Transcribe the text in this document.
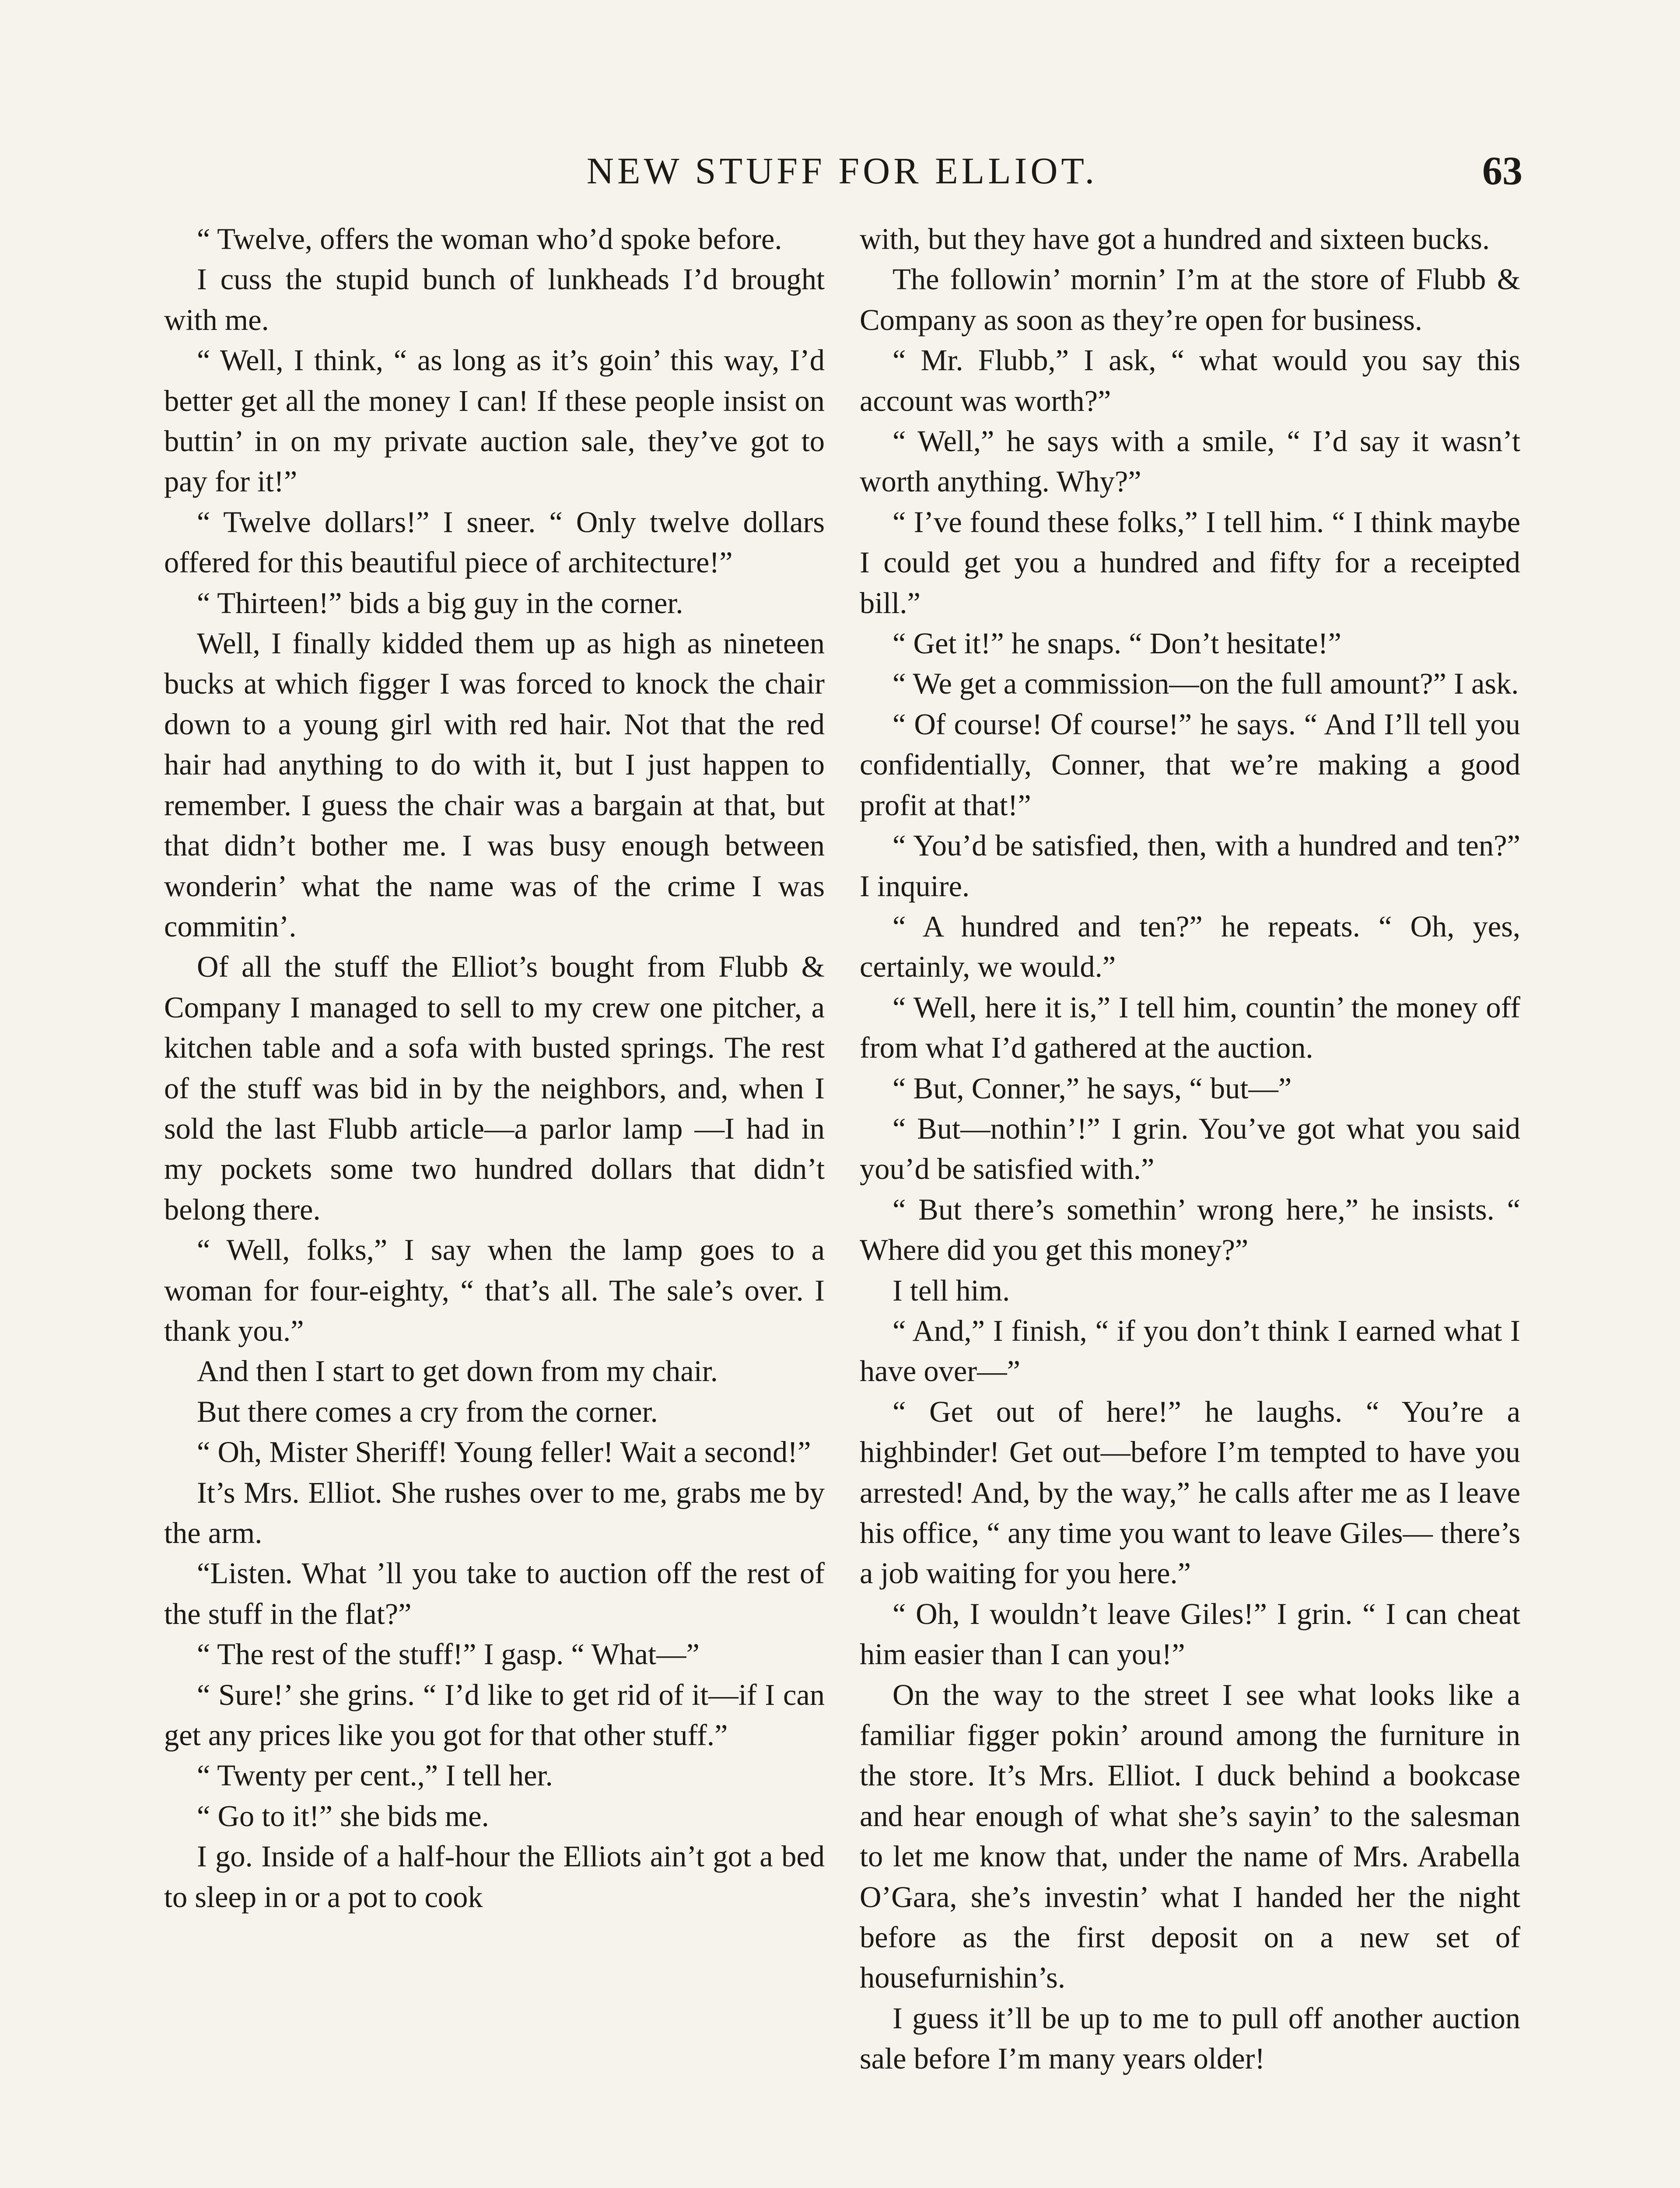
NEW STUFF FOR ELLIOT.	63

“ Twelve, offers the woman who’d spoke before.

I cuss the stupid bunch of lunkheads I’d brought with me.

“ Well, I think, “ as long as it’s goin’ this way, I’d better get all the money I can! If these people insist on buttin’ in on my private auction sale, they’ve got to pay for it!”

“ Twelve dollars!” I sneer. “ Only twelve dollars offered for this beautiful piece of architecture!”

“ Thirteen!” bids a big guy in the corner.

Well, I finally kidded them up as high as nineteen bucks at which figger I was forced to knock the chair down to a young girl with red hair. Not that the red hair had anything to do with it, but I just happen to remember. I guess the chair was a bargain at that, but that didn’t bother me. I was busy enough between wonderin’ what the name was of the crime I was commitin’.

Of all the stuff the Elliot’s bought from Flubb & Company I managed to sell to my crew one pitcher, a kitchen table and a sofa with busted springs. The rest of the stuff was bid in by the neighbors, and, when I sold the last Flubb article—a parlor lamp —I had in my pockets some two hundred dollars that didn’t belong there.

“ Well, folks,” I say when the lamp goes to a woman for four-eighty, “ that’s all. The sale’s over. I thank you.”

And then I start to get down from my chair.

But there comes a cry from the corner.

“ Oh, Mister Sheriff! Young feller! Wait a second!”

It’s Mrs. Elliot. She rushes over to me, grabs me by the arm.

“Listen. What ’ll you take to auction off the rest of the stuff in the flat?”

“ The rest of the stuff!” I gasp. “ What—”

“ Sure!’ she grins. “ I’d like to get rid of it—if I can get any prices like you got for that other stuff.”

“ Twenty per cent.,” I tell her.

“ Go to it!” she bids me.

I go. Inside of a half-hour the Elliots ain’t got a bed to sleep in or a pot to cook

with, but they have got a hundred and sixteen bucks.

The followin’ mornin’ I’m at the store of Flubb & Company as soon as they’re open for business.

“ Mr. Flubb,” I ask, “ what would you say this account was worth?”

“ Well,” he says with a smile, “ I’d say it wasn’t worth anything. Why?”

“ I’ve found these folks,” I tell him. “ I think maybe I could get you a hundred and fifty for a receipted bill.”

“ Get it!” he snaps. “ Don’t hesitate!”

“ We get a commission—on the full amount?” I ask.

“ Of course! Of course!” he says. “ And I’ll tell you confidentially, Conner, that we’re making a good profit at that!”

“ You’d be satisfied, then, with a hundred and ten?” I inquire.

“ A hundred and ten?” he repeats. “ Oh, yes, certainly, we would.”

“ Well, here it is,” I tell him, countin’ the money off from what I’d gathered at the auction.

“ But, Conner,” he says, “ but—”

“ But—nothin’!” I grin. You’ve got what you said you’d be satisfied with.”

“ But there’s somethin’ wrong here,” he insists. “ Where did you get this money?”

I tell him.

“ And,” I finish, “ if you don’t think I earned what I have over—”

“ Get out of here!” he laughs. “ You’re a highbinder! Get out—before I’m tempted to have you arrested! And, by the way,” he calls after me as I leave his office, “ any time you want to leave Giles— there’s a job waiting for you here.”

“ Oh, I wouldn’t leave Giles!” I grin. “ I can cheat him easier than I can you!”

On the way to the street I see what looks like a familiar figger pokin’ around among the furniture in the store. It’s Mrs. Elliot. I duck behind a bookcase and hear enough of what she’s sayin’ to the salesman to let me know that, under the name of Mrs. Arabella O’Gara, she’s investin’ what I handed her the night before as the first deposit on a new set of housefurnishin’s.

I guess it’ll be up to me to pull off another auction sale before I’m many years older!
